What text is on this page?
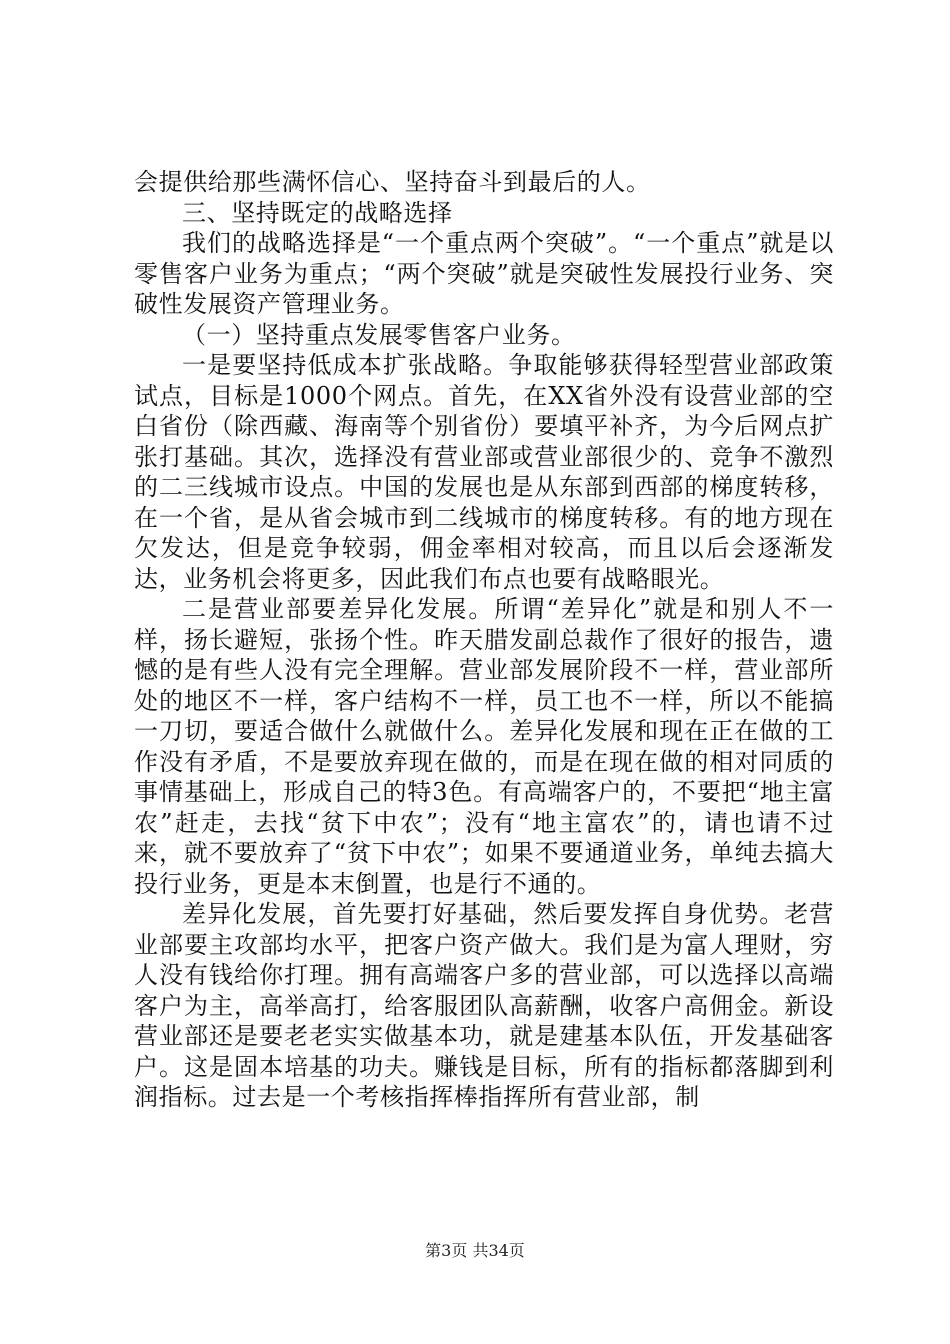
会提供给那些满怀信心、坚持奋斗到最后的人。

三、坚持既定的战略选择

我们的战略选择是“一个重点两个突破”。“一个重点”就是以零售客户业务为重点；“两个突破”就是突破性发展投行业务、突破性发展资产管理业务。

（一）坚持重点发展零售客户业务。

一是要坚持低成本扩张战略。争取能够获得轻型营业部政策试点，目标是1000个网点。首先，在XX省外没有设营业部的空白省份（除西藏、海南等个别省份）要填平补齐，为今后网点扩张打基础。其次，选择没有营业部或营业部很少的、竞争不激烈的二三线城市设点。中国的发展也是从东部到西部的梯度转移，在一个省，是从省会城市到二线城市的梯度转移。有的地方现在欠发达，但是竞争较弱，佣金率相对较高，而且以后会逐渐发达，业务机会将更多，因此我们布点也要有战略眼光。

二是营业部要差异化发展。所谓“差异化”就是和别人不一样，扬长避短，张扬个性。昨天腊发副总裁作了很好的报告，遗憾的是有些人没有完全理解。营业部发展阶段不一样，营业部所处的地区不一样，客户结构不一样，员工也不一样，所以不能搞一刀切，要适合做什么就做什么。差异化发展和现在正在做的工作没有矛盾，不是要放弃现在做的，而是在现在做的相对同质的事情基础上，形成自己的特3色。有高端客户的，不要把“地主富农”赶走，去找“贫下中农”；没有“地主富农”的，请也请不过来，就不要放弃了“贫下中农”；如果不要通道业务，单纯去搞大投行业务，更是本末倒置，也是行不通的。

差异化发展，首先要打好基础，然后要发挥自身优势。老营业部要主攻部均水平，把客户资产做大。我们是为富人理财，穷人没有钱给你打理。拥有高端客户多的营业部，可以选择以高端客户为主，高举高打，给客服团队高薪酬，收客户高佣金。新设营业部还是要老老实实做基本功，就是建基本队伍，开发基础客户。这是固本培基的功夫。赚钱是目标，所有的指标都落脚到利润指标。过去是一个考核指挥棒指挥所有营业部，制

第3页 共34页
